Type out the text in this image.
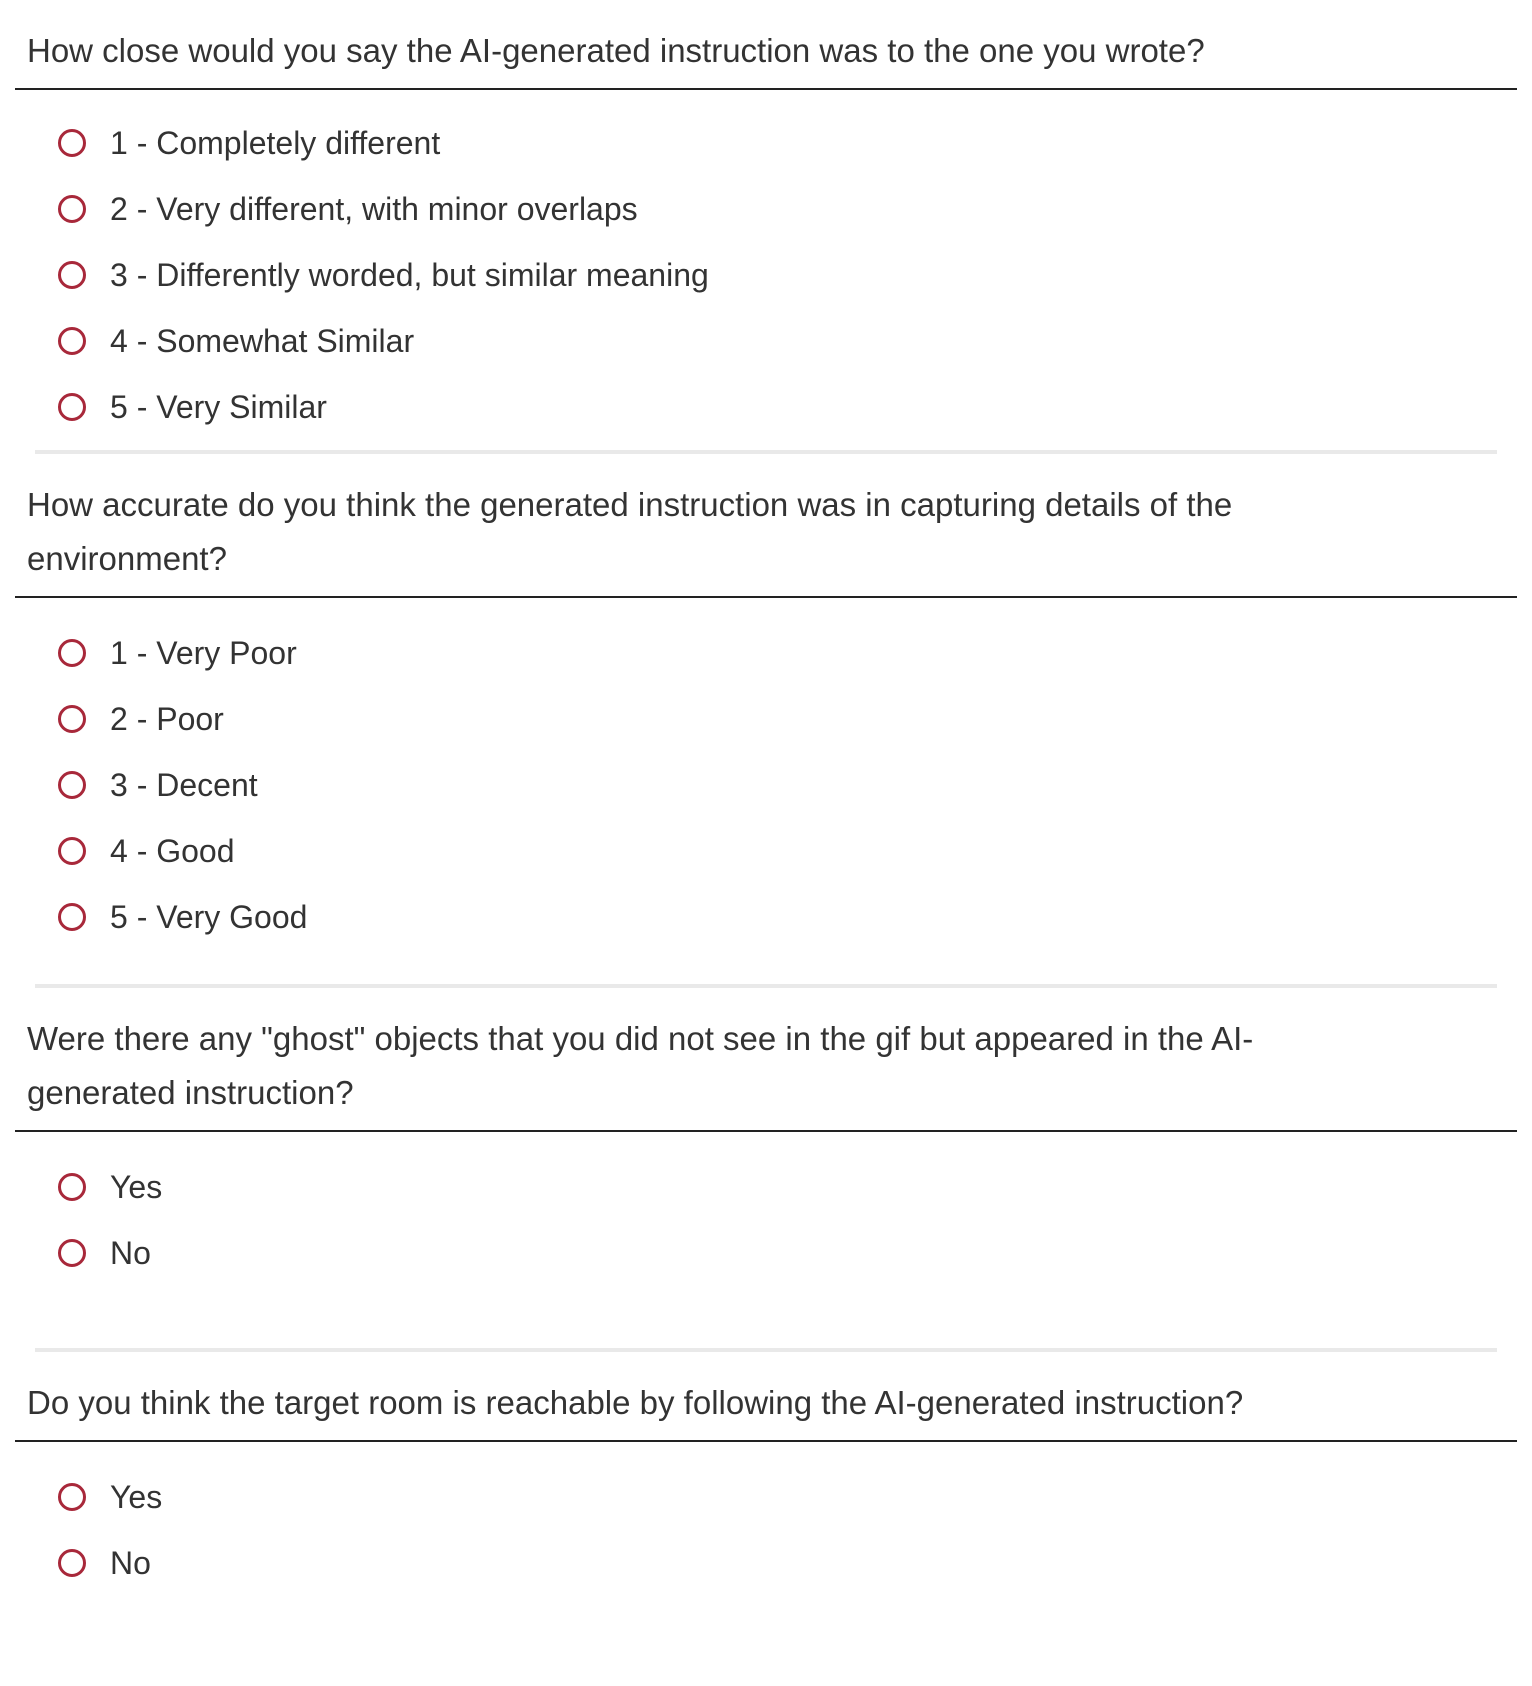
How close would you say the AI-generated instruction was to the one you wrote?
1 - Completely different
2 - Very different, with minor overlaps
3 - Differently worded, but similar meaning
4 - Somewhat Similar
5 - Very Similar
How accurate do you think the generated instruction was in capturing details of the environment?
1 - Very Poor
2 - Poor
3 - Decent
4 - Good
5 - Very Good
Were there any "ghost" objects that you did not see in the gif but appeared in the AI-generated instruction?
Yes
No
Do you think the target room is reachable by following the AI-generated instruction?
Yes
No
